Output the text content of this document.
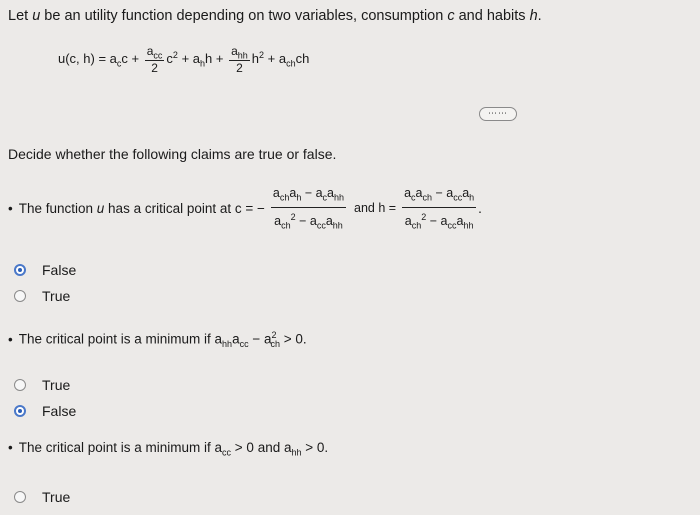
Let u be an utility function depending on two variables, consumption c and habits h.
u(c, $h) = a_cc + \frac{a_{cc}}{2} c^2 + a_hh + \frac{a_{hh}}{2} h^2 + a_{ch}ch$
⋯⋯
Decide whether the following claims are true or false.
• The function u has a critical point at c = − $\frac{a_{ch}a_h - a_ca_{hh}}{a_{ch}^2 - a_{cc}a_{hh}}$ and $h = \frac{a_ca_{ch} - a_{cc}a_h}{a_{ch}^2 - a_{cc}a_{hh}}$ .
False
True
• The critical point is a minimum if $a_{hh}a_{cc} - a^2_{ch} > 0$.
True
False
• The critical point is a minimum if $a_{cc} > 0$ and $a_{hh} > 0$.
True
